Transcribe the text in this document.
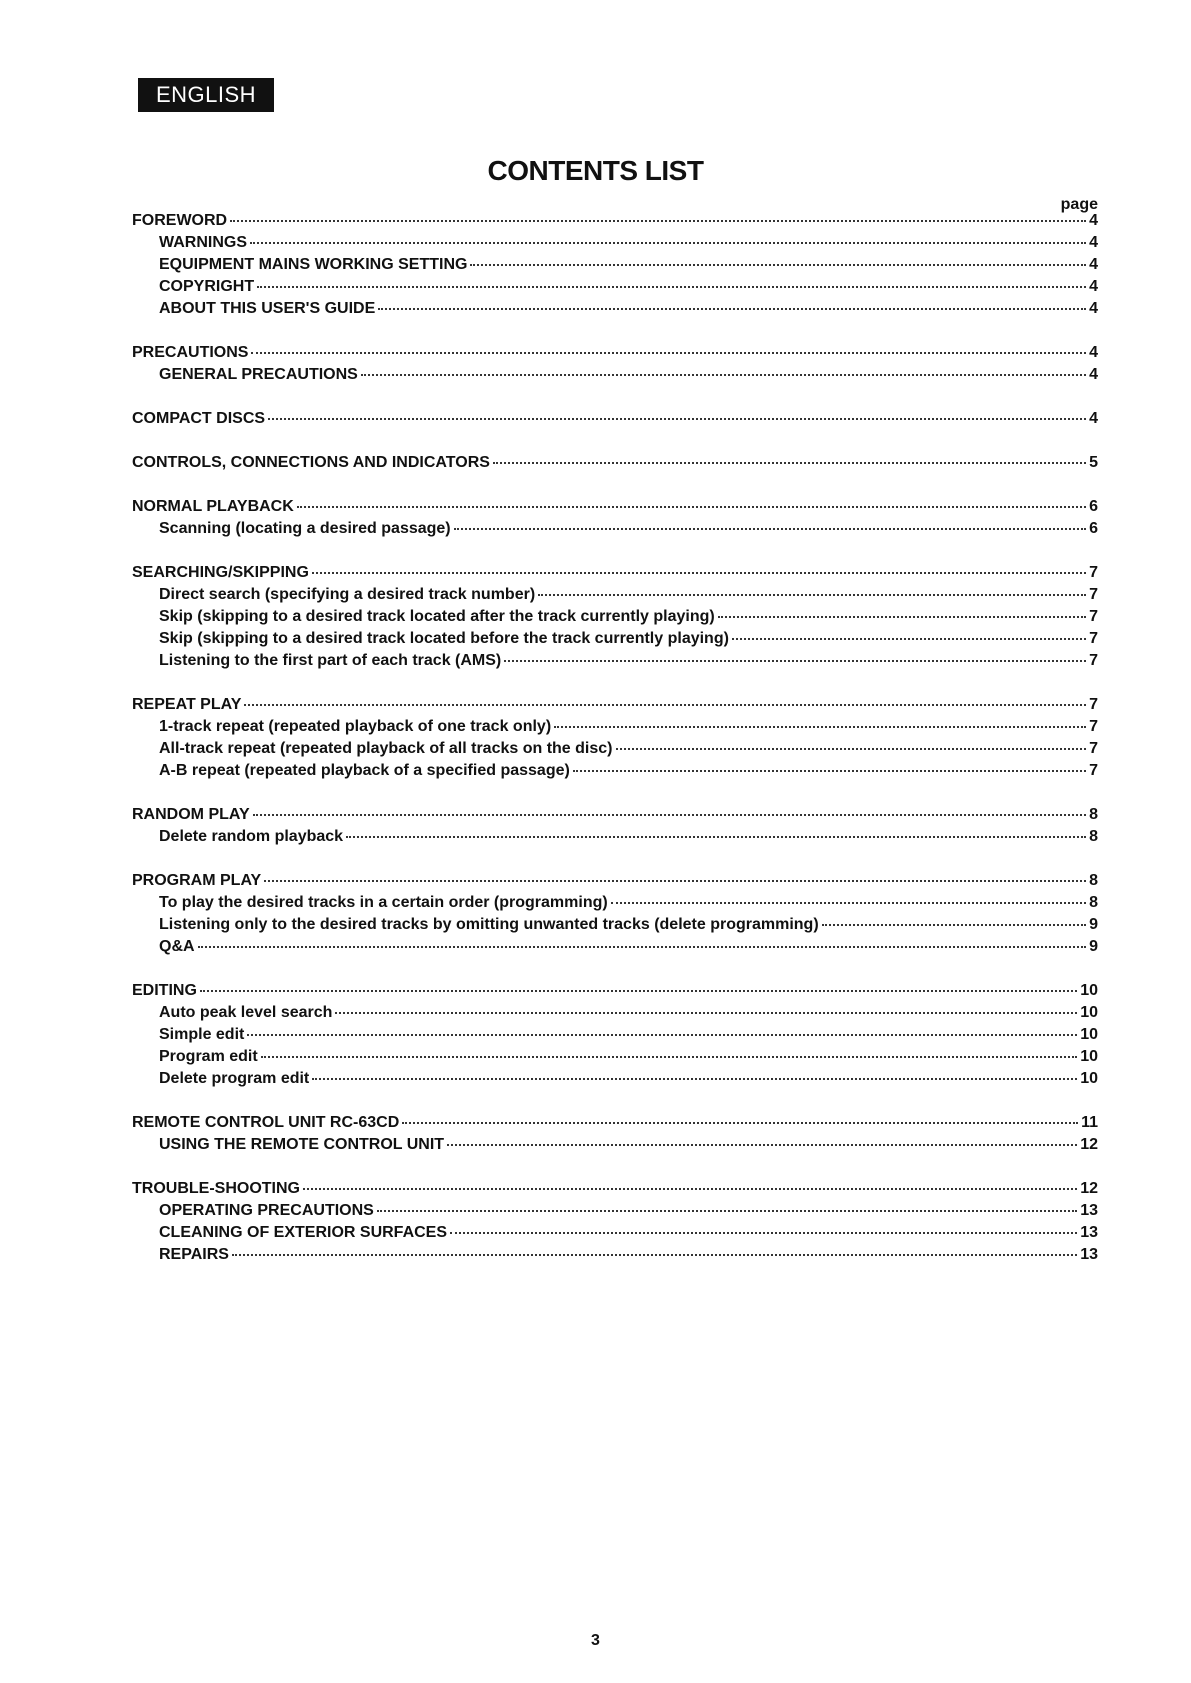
ENGLISH
CONTENTS LIST
page
FOREWORD	4
WARNINGS	4
EQUIPMENT MAINS WORKING SETTING	4
COPYRIGHT	4
ABOUT THIS USER'S GUIDE	4
PRECAUTIONS	4
GENERAL PRECAUTIONS	4
COMPACT DISCS	4
CONTROLS, CONNECTIONS AND INDICATORS	5
NORMAL PLAYBACK	6
Scanning (locating a desired passage)	6
SEARCHING/SKIPPING	7
Direct search (specifying a desired track number)	7
Skip (skipping to a desired track located after the track currently playing)	7
Skip (skipping to a desired track located before the track currently playing)	7
Listening to the first part of each track (AMS)	7
REPEAT PLAY	7
1-track repeat (repeated playback of one track only)	7
All-track repeat (repeated playback of all tracks on the disc)	7
A-B repeat (repeated playback of a specified passage)	7
RANDOM PLAY	8
Delete random playback	8
PROGRAM PLAY	8
To play the desired tracks in a certain order (programming)	8
Listening only to the desired tracks by omitting unwanted tracks (delete programming)	9
Q&A	9
EDITING	10
Auto peak level search	10
Simple edit	10
Program edit	10
Delete program edit	10
REMOTE CONTROL UNIT RC-63CD	11
USING THE REMOTE CONTROL UNIT	12
TROUBLE-SHOOTING	12
OPERATING PRECAUTIONS	13
CLEANING OF EXTERIOR SURFACES	13
REPAIRS	13
3
